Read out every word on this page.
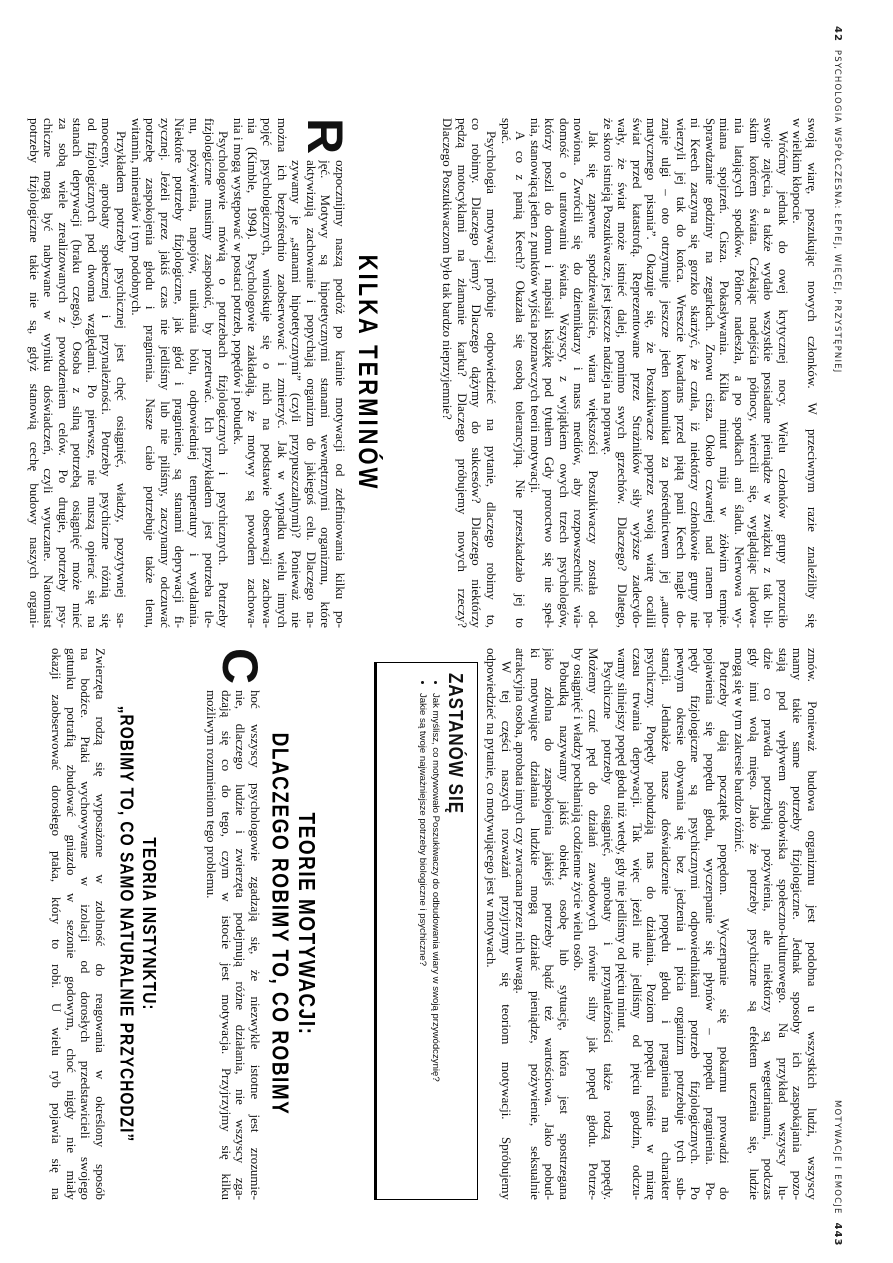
42PSYCHOLOGIA WSPÓŁCZESNA: ŁEPIEJ, WIĘCEJ, PRZYSTĘPNIEJ
swoją wiarę, poszukując nowych członków. W przeciwnym razie znaleźliby się
w wielkim kłopocie.
Wróćmy jednak do owej krytycznej nocy. Wielu członków grupy porzuciło
swoje zajęcia, a także wydało wszystkie posiadane pieniądze w związku z tak bli-
skim końcem świata. Czekając nadejścia północy, wiercili się, wyglądając lądowa-
nia latających spodków. Północ nadeszła, a po spodkach ani śladu. Nerwowa wy-
miana spojrzeń. Cisza. Pokasływania. Kilka minut mija w żółwim tempie.
Sprawdzanie godziny na zegarkach. Znowu cisza. Około czwartej nad ranem pa-
ni Keech zaczyna się gorzko skarżyć, że czuła, iż niektórzy członkowie grupy nie
wierzyli jej tak do końca. Wreszcie kwadrans przed piątą pani Keech nagle do-
znaje ulgi – oto otrzymuje jeszcze jeden komunikat za pośrednictwem jej „auto-
matycznego pisania”. Okazuje się, że Poszukiwacze poprzez swoją wiarę ocalili
świat przed katastrofą. Reprezentowane przez Strażników siły wyższe zadecydo-
wały, że świat może istnieć dalej, pomimo swych grzechów. Dlaczego? Dlatego,
że skoro istnieją Poszukiwacze, jest jeszcze nadzieja na poprawę.
Jak się zapewne spodziewaliście, wiara większości Poszukiwaczy została od-
nowiona. Zwrócili się do dziennikarzy i mass mediów, aby rozpowszechnić wia-
domość o uratowaniu świata. Wszyscy, z wyjątkiem owych trzech psychologów,
którzy poszli do domu i napisali książkę pod tytułem Gdy proroctwo się nie speł-
nia, stanowiącą jeden z punktów wyjścia poznawczych teorii motywacji.
A co z panią Keech? Okazała się osobą tolerancyjną. Nie przeszkadzało jej to
spać.
Psychologia motywacji próbuje odpowiedzieć na pytanie, dlaczego robimy to,
co robimy. Dlaczego jemy? Dlaczego dążymy do sukcesów? Dlaczego niektórzy
pędzą motocyklami na złamanie karku? Dlaczego próbujemy nowych rzeczy?
Dlaczego Poszukiwaczom było tak bardzo nieprzyjemnie?
KILKA TERMINÓW
R
ozpocznijmy naszą podróż po krainie motywacji od zdefiniowania kilku po-
jęć. Motywy są hipotetycznymi stanami wewnętrznymi organizmu, które
aktywizują zachowanie i popychają organizm do jakiegoś celu. Dlaczego na-
zywamy je „stanami hipotetycznymi” (czyli przypuszczalnymi)? Ponieważ nie
można ich bezpośrednio zaobserwować i zmierzyć. Jak w wypadku wielu innych
pojęć psychologicznych, wnioskuje się o nich na podstawie obserwacji zachowa-
nia (Kimble, 1994). Psychologowie zakładają, że motywy są powodem zachowa-
nia i mogą występować w postaci potrzeb, popędów i pobudek.
Psychologowie mówią o potrzebach fizjologicznych i psychicznych. Potrzeby
fizjologiczne musimy zaspokoić, by przetrwać. Ich przykładem jest potrzeba tle-
nu, pożywienia, napojów, unikania bólu, odpowiedniej temperatury i wydalania.
Niektóre potrzeby fizjologiczne, jak głód i pragnienie, są stanami deprywacji fi-
zycznej. Jeżeli przez jakiś czas nie jedliśmy lub nie piliśmy, zaczynamy odczuwać
potrzebę zaspokojenia głodu i pragnienia. Nasze ciało potrzebuje także tlenu,
witamin, minerałów i tym podobnych.
Przykładem potrzeby psychicznej jest chęć osiągnięć, władzy, pozytywnej sa-
mooceny, aprobaty społecznej i przynależności. Potrzeby psychiczne różnią się
od fizjologicznych pod dwoma względami. Po pierwsze, nie muszą opierać się na
stanach deprywacji (braku czegoś). Osoba z silną potrzebą osiągnięć może mieć
za sobą wiele zrealizowanych z powodzeniem celów. Po drugie, potrzeby psy-
chiczne mogą być nabywane w wyniku doświadczeń, czyli wyuczane. Natomiast
potrzeby fizjologiczne takie nie są, gdyż stanowią cechę budowy naszych organi-
MOTYWACJE I EMOCJE443
zmów. Ponieważ budowa organizmu jest podobna u wszystkich ludzi, wszyscy
mamy takie same potrzeby fizjologiczne. Jednak sposoby ich zaspokajania pozo-
stają pod wpływem środowiska społeczno-kulturowego. Na przykład wszyscy lu-
dzie co prawda potrzebują pożywienia, ale niektórzy są wegetarianami, podczas
gdy inni wolą mięso. Jako że potrzeby psychiczne są efektem uczenia się, ludzie
mogą się w tym zakresie bardzo różnić.
Potrzeby dają początek popędom. Wyczerpanie się pokarmu prowadzi do
pojawienia się popędu głodu, wyczerpanie się płynów – popędu pragnienia. Po-
pędy fizjologiczne są psychicznymi odpowiednikami potrzeb fizjologicznych. Po
pewnym okresie obywania się bez jedzenia i picia organizm potrzebuje tych sub-
stancji. Jednakże nasze doświadczenie popędu głodu i pragnienia ma charakter
psychiczny. Popędy pobudzają nas do działania. Poziom popędu rośnie w miarę
czasu trwania deprywacji. Tak więc jeżeli nie jedliśmy od pięciu godzin, odczu-
wamy silniejszy popęd głodu niż wtedy, gdy nie jedliśmy od pięciu minut.
Psychiczne potrzeby osiągnięć, aprobaty i przynależności także rodzą popędy.
Możemy czuć pęd do działań zawodowych równie silny jak popęd głodu. Potrze-
by osiągnięć i władzy pochłaniają codzienne życie wielu osób.
Pobudką nazywamy jakiś obiekt, osobę lub sytuację, która jest spostrzegana
jako zdolna do zaspokojenia jakiejś potrzeby bądź też wartościowa. Jako pobud-
ki motywujące działania ludzkie mogą działać pieniądze, pożywienie, seksualnie
atrakcyjna osoba, aprobata innych czy zwracana przez nich uwagą.
W tej części naszych rozważań przyjrzymy się teoriom motywacji. Spróbujemy
odpowiedzieć na pytanie, co motywującego jest w motywach.
ZASTANÓW SIĘ
• Jak myślisz, co motywowało Poszukiwaczy do odbudowania wiary w swoją przywódczynię?
• Jakie są twoje najważniejsze potrzeby biologiczne i psychiczne?
TEORIE MOTYWACJI:
DLACZEGO ROBIMY TO, CO ROBIMY
C
hoć wszyscy psychologowie zgadzają się, że niezwykle istotne jest zrozumie-
nie, dlaczego ludzie i zwierzęta podejmują różne działania, nie wszyscy zga-
dzają się co do tego, czym w istocie jest motywacja. Przyjrzyjmy się kilku
możliwym rozumieniom tego problemu.
TEORIA INSTYNKTU:
„ROBIMY TO, CO SAMO NATURALNIE PRZYCHODZI”
Zwierzęta rodzą się wyposażone w zdolność do reagowania w określony sposób
na bodźce. Ptaki wychowywane w izolacji od dorosłych przedstawicieli swojego
gatunku potrafią zbudować gniazdo w sezonie godowym, choć nigdy nie miały
okazji zaobserwować dorosłego ptaka, który to robi. U wielu ryb pojawia się na
